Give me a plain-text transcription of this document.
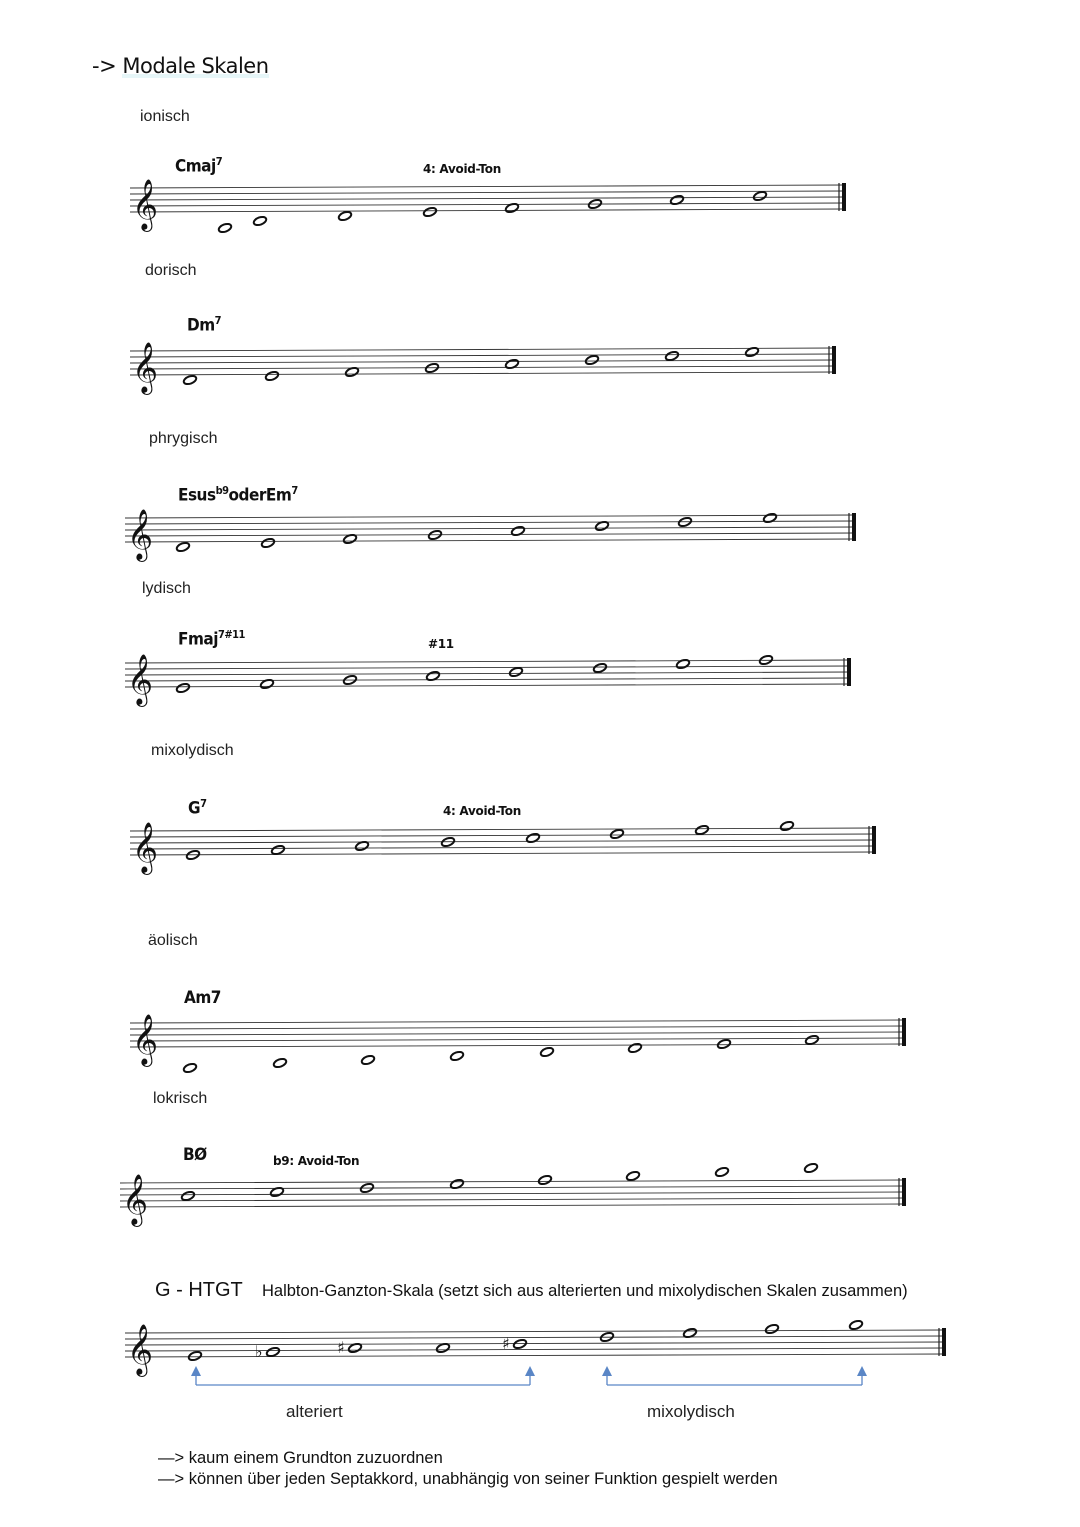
-> Modale Skalen
ionisch
Cmaj$^7$
4: Avoid-Ton
𝄞
dorisch
Dm$^7$
𝄞
phrygisch
Esus$^{b9}$oderEm$^7$
𝄞
lydisch
Fmaj$^{7\#11}$
#11
𝄞
mixolydisch
$G^7$
4: Avoid-Ton
𝄞
äolisch
Am7
𝄞
lokrisch
BØ	b9: Avoid-Ton
𝄞
G - HTGT Halbton-Ganzton-Skala (setzt sich aus alterierten und mixolydischen Skalen zusammen)
𝄞	♭	♯	♯
alteriert	mixolydisch
—> kaum einem Grundton zuzuordnen
—> können über jeden Septakkord, unabhängig von seiner Funktion gespielt werden
